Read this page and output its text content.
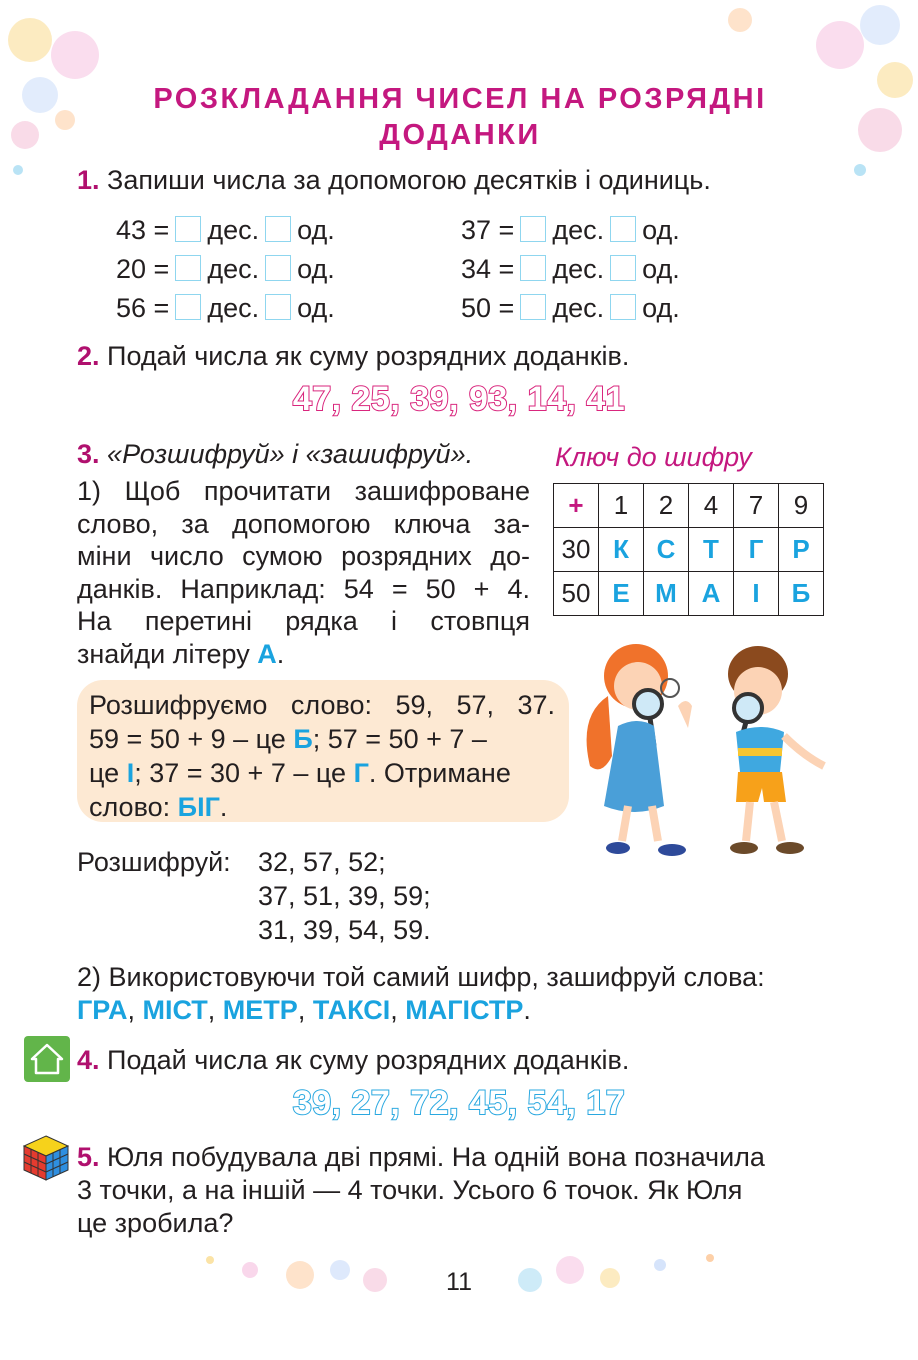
РОЗКЛАДАННЯ ЧИСЕЛ НА РОЗРЯДНІ
ДОДАНКИ
1. Запиши числа за допомогою десятків і одиниць.
43 = дес. од.
20 = дес. од.
56 = дес. од.
37 = дес. од.
34 = дес. од.
50 = дес. од.
2. Подай числа як суму розрядних доданків.
47, 25, 39, 93, 14, 41
3. «Розшифруй» і «зашифруй».	Ключ до шифру
+	1	2	4	7	9
30	К	С	Т	Г	Р
50	Е	М	А	І	Б
1) Щоб прочитати зашифроване
слово, за допомогою ключа за-
міни число сумою розрядних до-
данків. Наприклад: 54 = 50 + 4.
На перетині рядка і стовпця
знайди літеру А.
Розшифруємо слово: 59, 57, 37.
59 = 50 + 9 – це Б; 57 = 50 + 7 –
це І; 37 = 30 + 7 – це Г. Отримане
слово: БІГ.
Розшифруй: 32, 57, 52;
37, 51, 39, 59;
31, 39, 54, 59.
2) Використовуючи той самий шифр, зашифруй слова:
ГРА, МІСТ, МЕТР, ТАКСІ, МАГІСТР.
4. Подай числа як суму розрядних доданків.
39, 27, 72, 45, 54, 17
5. Юля побудувала дві прямі. На одній вона позначила
3 точки, а на іншій — 4 точки. Усього 6 точок. Як Юля
це зробила?
11
